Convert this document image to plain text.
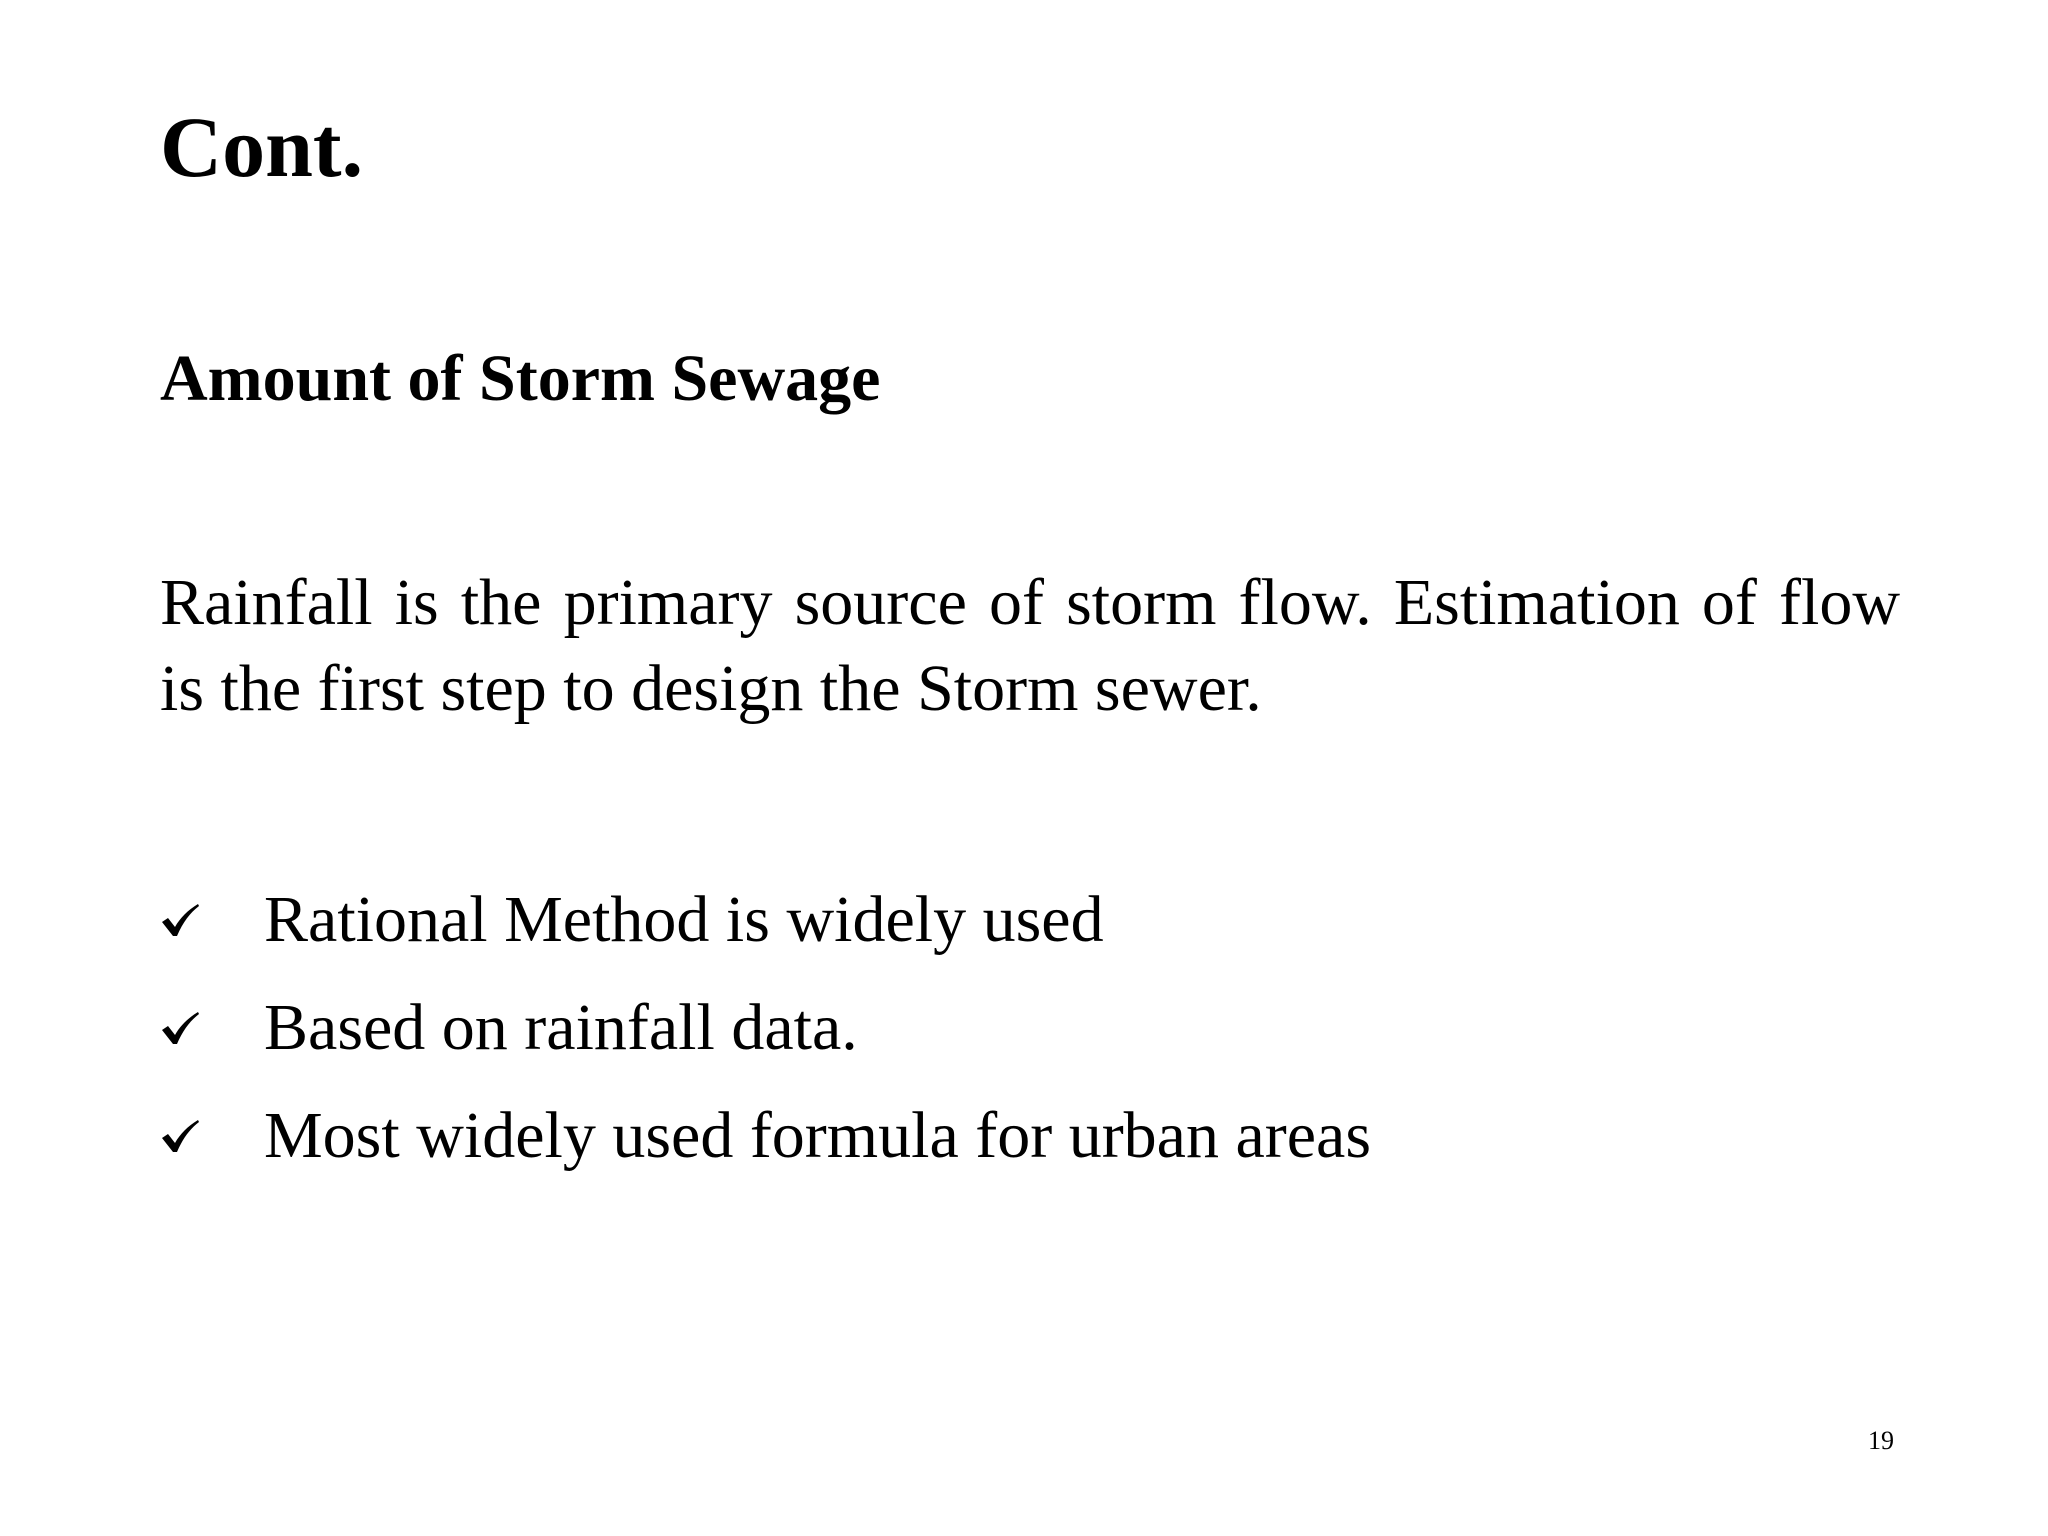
Cont.
Amount of Storm Sewage
Rainfall is the primary source of storm flow. Estimation of flow is the first step to design the Storm sewer.
Rational Method is widely used
Based on rainfall data.
Most widely used formula for urban areas
19
